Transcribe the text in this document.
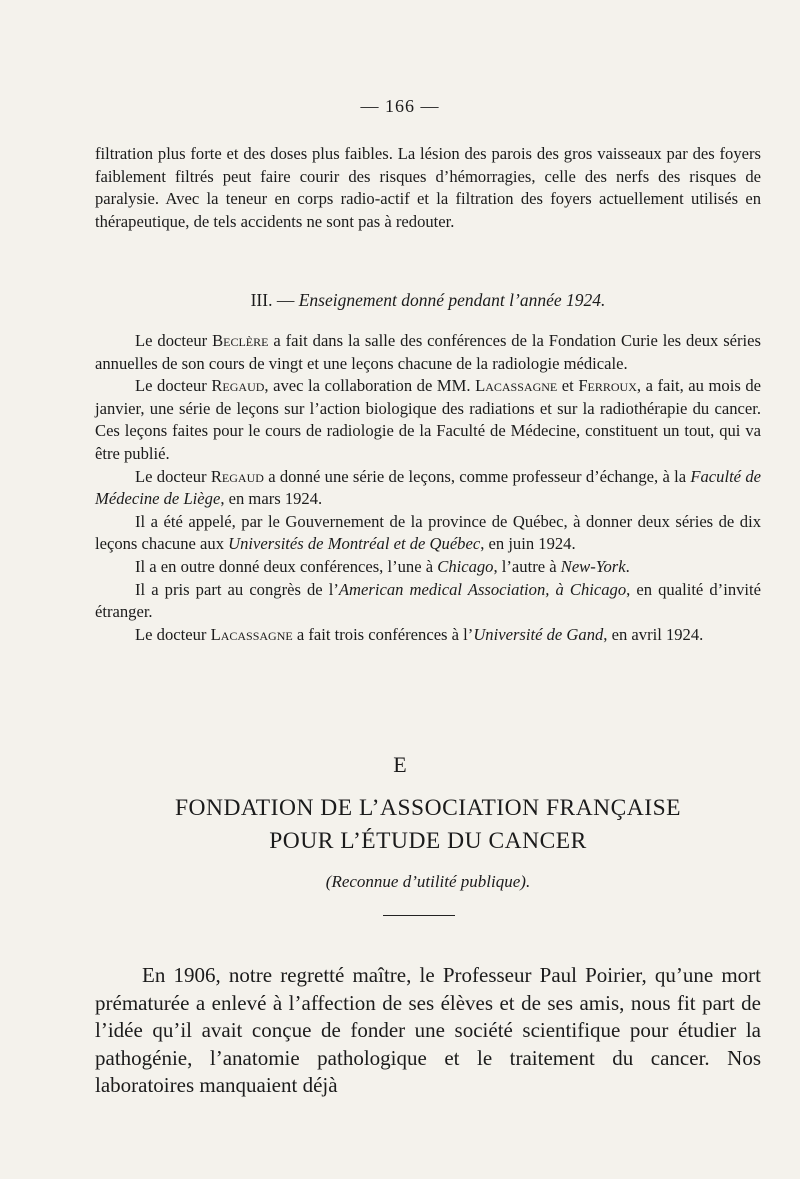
— 166 —

filtration plus forte et des doses plus faibles. La lésion des parois des gros vaisseaux par des foyers faiblement filtrés peut faire courir des risques d’hémorragies, celle des nerfs des risques de paralysie. Avec la teneur en corps radio-actif et la filtration des foyers actuellement utilisés en thérapeutique, de tels accidents ne sont pas à redouter.

III. — Enseignement donné pendant l’année 1924.

Le docteur Beclère a fait dans la salle des conférences de la Fondation Curie les deux séries annuelles de son cours de vingt et une leçons chacune de la radiologie médicale.

Le docteur Regaud, avec la collaboration de MM. Lacassagne et Ferroux, a fait, au mois de janvier, une série de leçons sur l’action biologique des radiations et sur la radiothérapie du cancer. Ces leçons faites pour le cours de radiologie de la Faculté de Médecine, constituent un tout, qui va être publié.

Le docteur Regaud a donné une série de leçons, comme professeur d’échange, à la Faculté de Médecine de Liège, en mars 1924.

Il a été appelé, par le Gouvernement de la province de Québec, à donner deux séries de dix leçons chacune aux Universités de Montréal et de Québec, en juin 1924.

Il a en outre donné deux conférences, l’une à Chicago, l’autre à New-York.

Il a pris part au congrès de l’American medical Association, à Chicago, en qualité d’invité étranger.

Le docteur Lacassagne a fait trois conférences à l’Université de Gand, en avril 1924.

E
FONDATION DE L’ASSOCIATION FRANÇAISE
POUR L’ÉTUDE DU CANCER
(Reconnue d’utilité publique).

En 1906, notre regretté maître, le Professeur Paul Poirier, qu’une mort prématurée a enlevé à l’affection de ses élèves et de ses amis, nous fit part de l’idée qu’il avait conçue de fonder une société scientifique pour étudier la pathogénie, l’anatomie pathologique et le traitement du cancer. Nos laboratoires manquaient déjà
